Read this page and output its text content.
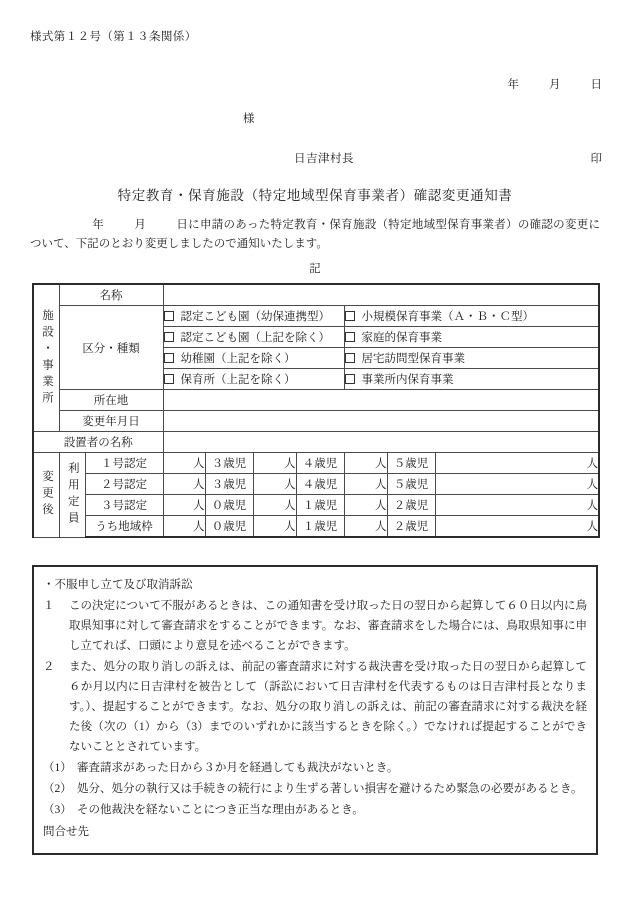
様式第１２号（第１３条関係）
年	月	日
様
日吉津村長	印
特定教育・保育施設（特定地域型保育事業者）確認変更通知書
年	月	日に申請のあった特定教育・保育施設（特定地域型保育事業者）の確認の変更について、下記のとおり変更しましたので通知いたします。
記
施設・事業所	名称								
	区分・種類		認定こども園（幼保連携型）				小規模保育事業（Ａ・Ｂ・Ｃ型）		
			認定こども園（上記を除く）				家庭的保育事業		
			幼稚園（上記を除く）				居宅訪問型保育事業		
			保育所（上記を除く）				事業所内保育事業		
	所在地								
	変更年月日								
設置者の名称									

変更後	利用定員	１号認定	人	３歳児	人	４歳児	人	５歳児	人
		２号認定	人	３歳児	人	４歳児	人	５歳児	人
		３号認定	人	０歳児	人	１歳児	人	２歳児	人
		うち地域枠	人	０歳児	人	１歳児	人	２歳児	人
・不服申し立て及び取消訴訟
１	この決定について不服があるときは、この通知書を受け取った日の翌日から起算して６０日以内に鳥取県知事に対して審査請求をすることができます。なお、審査請求をした場合には、鳥取県知事に申し立てれば、口頭により意見を述べることができます。
２	また、処分の取り消しの訴えは、前記の審査請求に対する裁決書を受け取った日の翌日から起算して６か月以内に日吉津村を被告として（訴訟において日吉津村を代表するものは日吉津村長となります。）、提起することができます。なお、処分の取り消しの訴えは、前記の審査請求に対する裁決を経た後（次の（1）から（3）までのいずれかに該当するときを除く。）でなければ提起することができないこととされています。
（1） 審査請求があった日から３か月を経過しても裁決がないとき。
（2） 処分、処分の執行又は手続きの続行により生ずる著しい損害を避けるため緊急の必要があるとき。
（3） その他裁決を経ないことにつき正当な理由があるとき。
問合せ先
